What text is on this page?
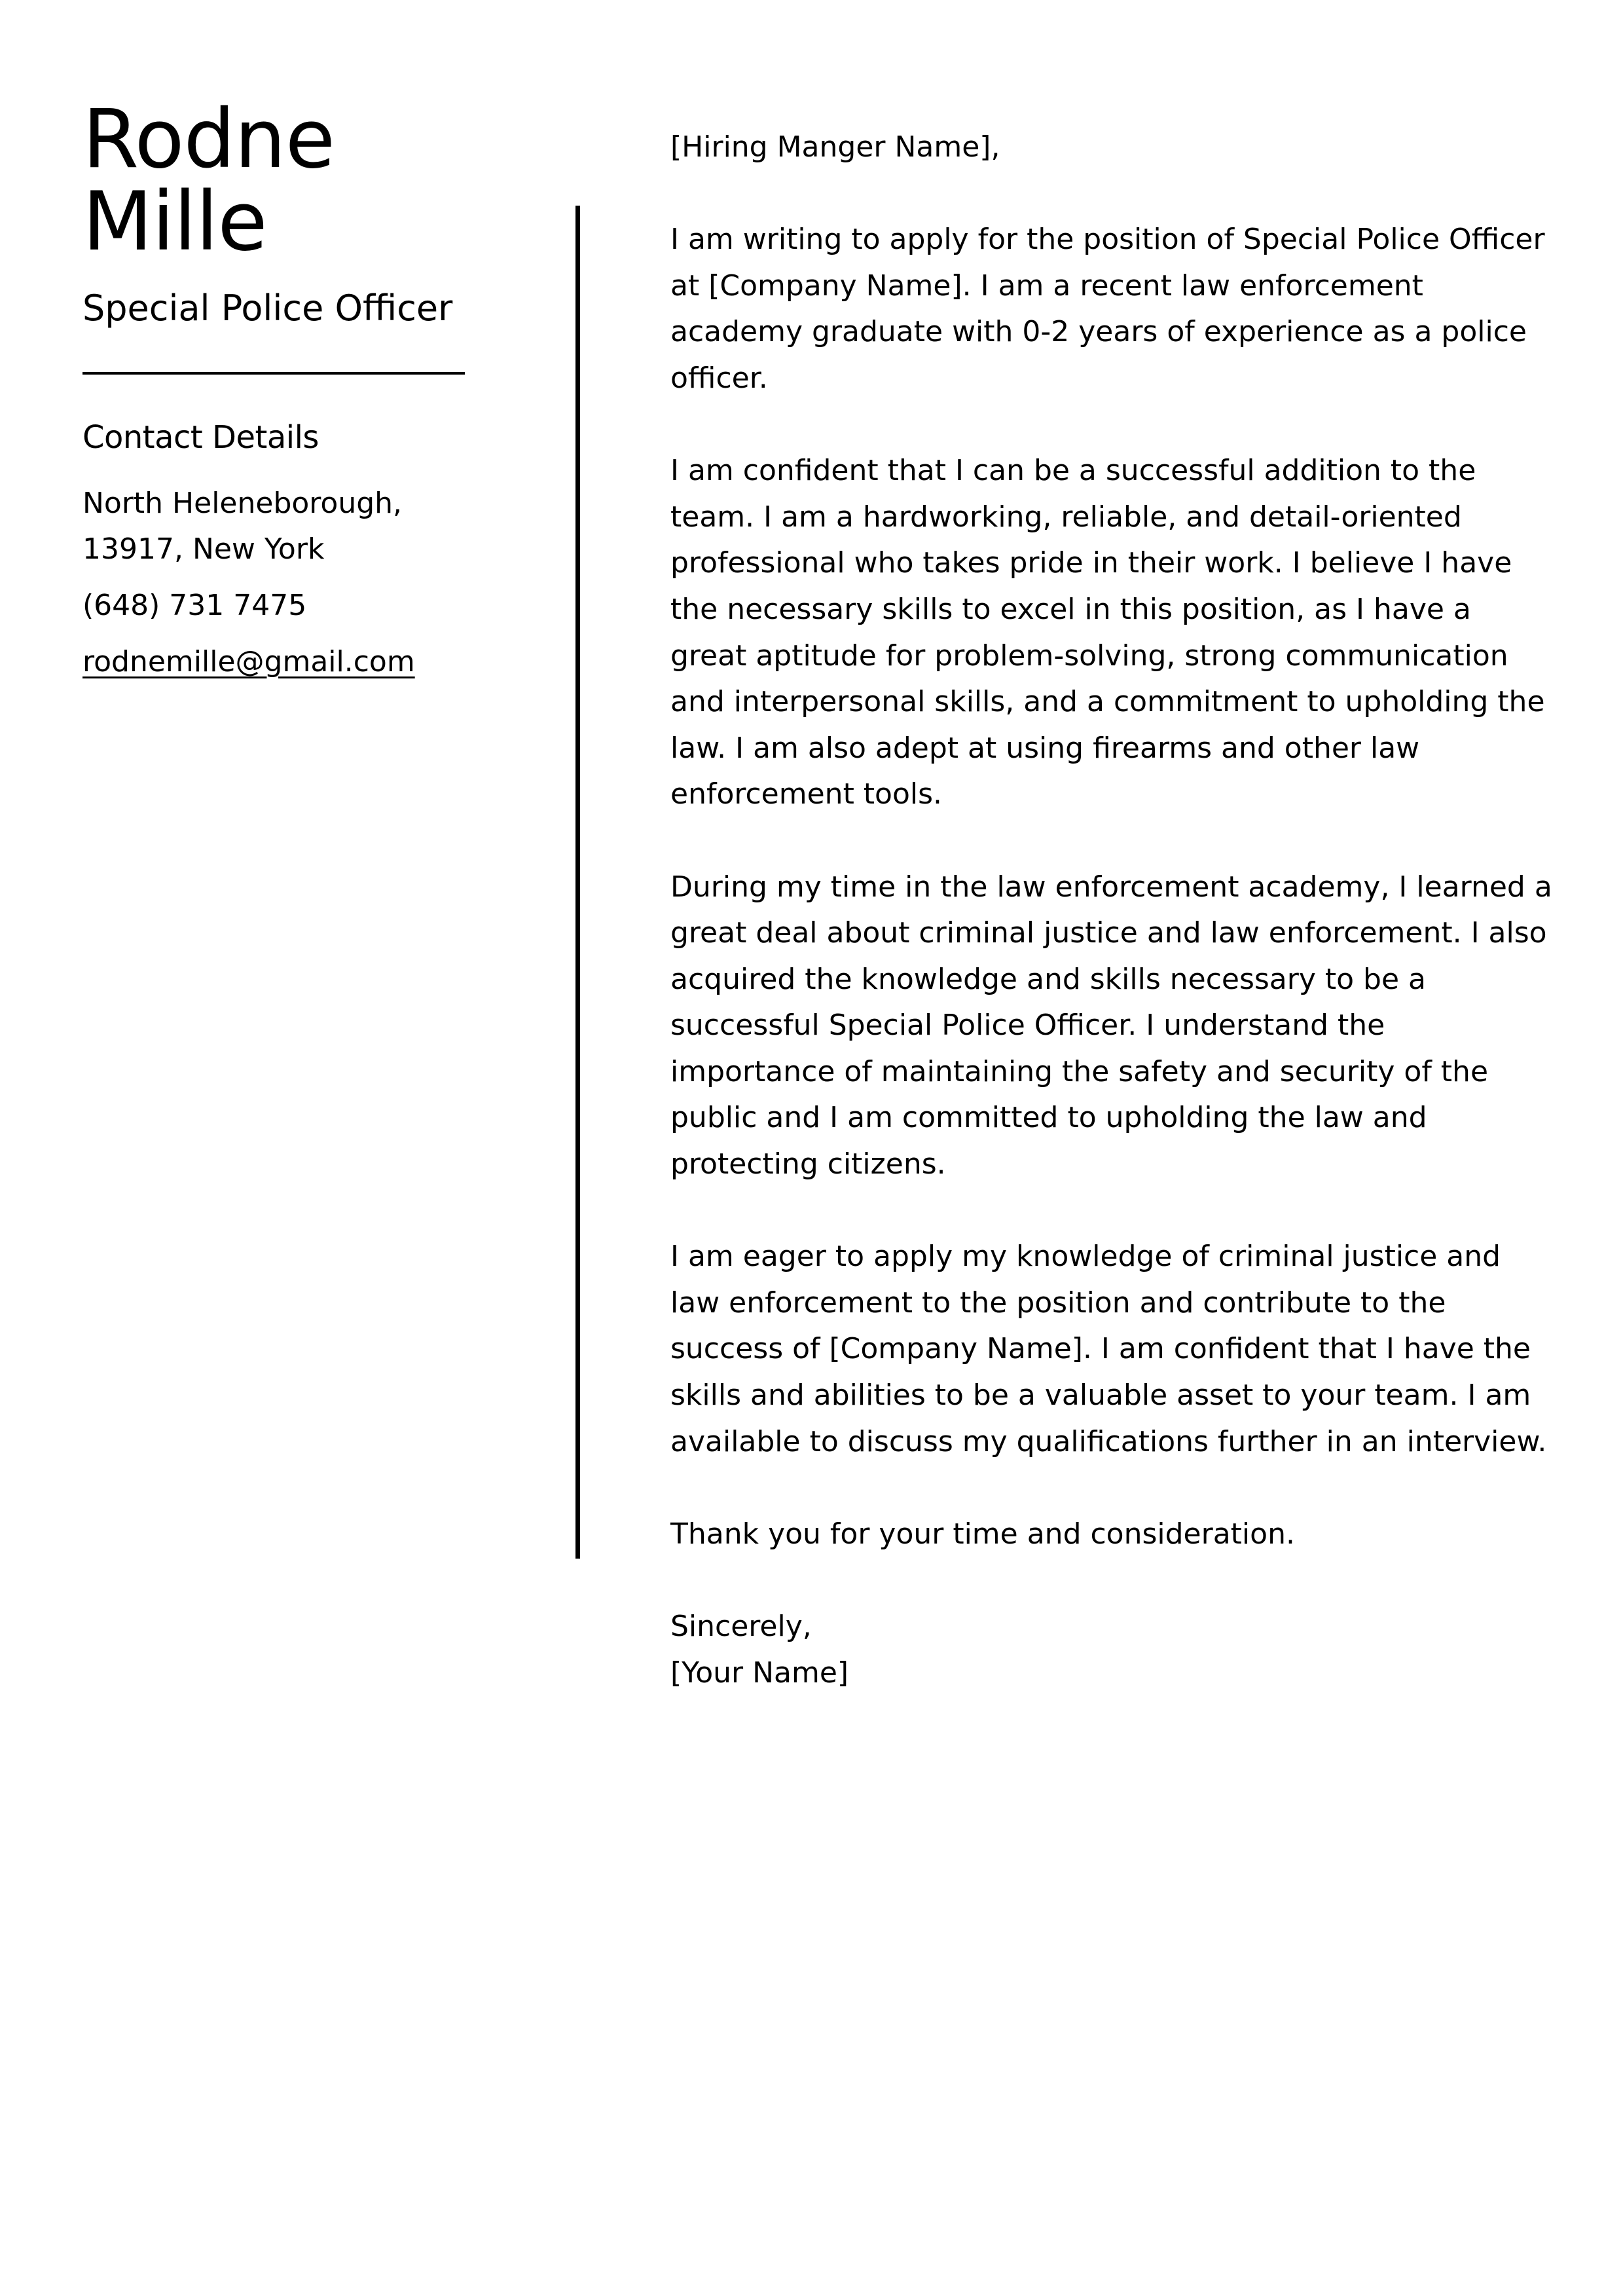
Rodne
Mille
Special Police Officer
Contact Details
North Heleneborough,
13917, New York
(648) 731 7475
rodnemille@gmail.com

[Hiring Manger Name],

I am writing to apply for the position of Special Police Officer at [Company Name]. I am a recent law enforcement academy graduate with 0-2 years of experience as a police officer.

I am confident that I can be a successful addition to the team. I am a hardworking, reliable, and detail-oriented professional who takes pride in their work. I believe I have the necessary skills to excel in this position, as I have a great aptitude for problem-solving, strong communication and interpersonal skills, and a commitment to upholding the law. I am also adept at using firearms and other law enforcement tools.

During my time in the law enforcement academy, I learned a great deal about criminal justice and law enforcement. I also acquired the knowledge and skills necessary to be a successful Special Police Officer. I understand the importance of maintaining the safety and security of the public and I am committed to upholding the law and protecting citizens.

I am eager to apply my knowledge of criminal justice and law enforcement to the position and contribute to the success of [Company Name]. I am confident that I have the skills and abilities to be a valuable asset to your team. I am available to discuss my qualifications further in an interview.

Thank you for your time and consideration.

Sincerely,
[Your Name]
